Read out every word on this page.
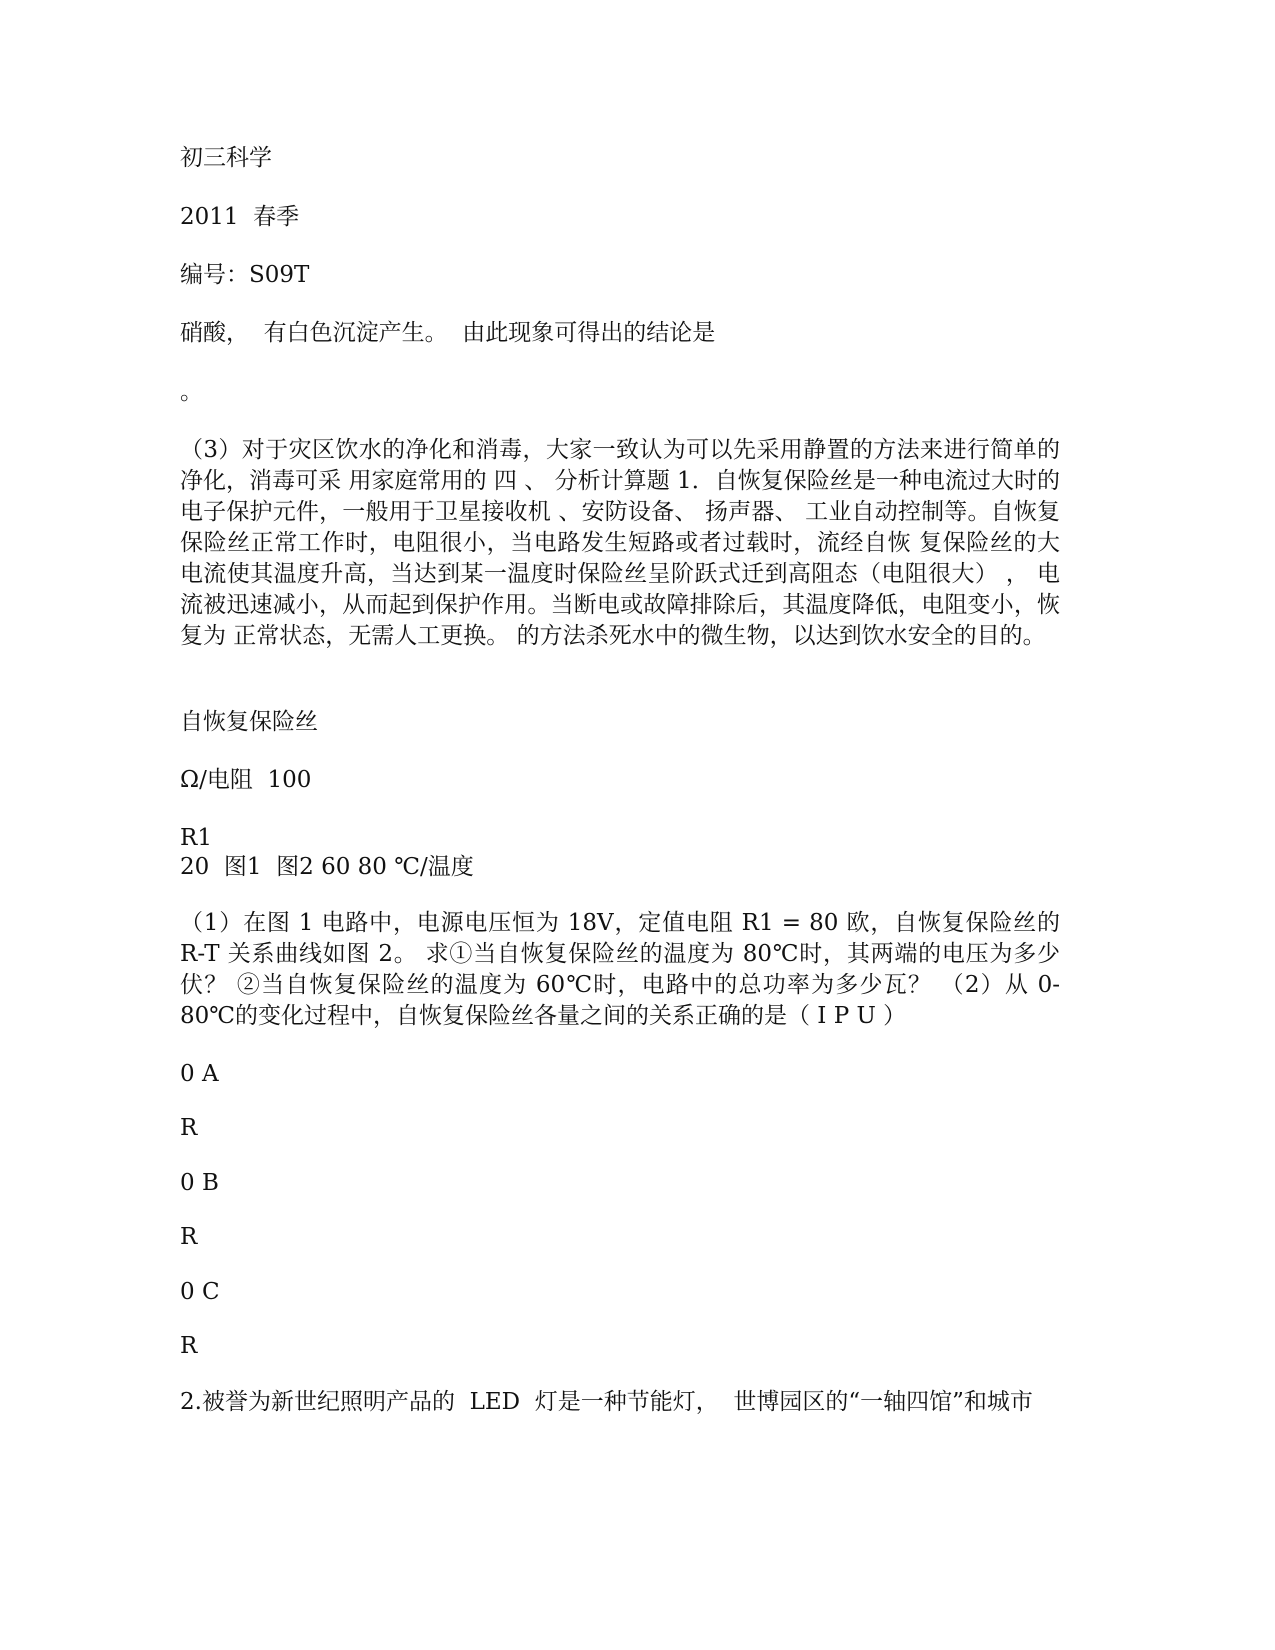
初三科学

2011  春季

编号：S09T

硝酸，  有白色沉淀产生。  由此现象可得出的结论是

。

（3）对于灾区饮水的净化和消毒，大家一致认为可以先采用静置的方法来进行简单的净化，消毒可采 用家庭常用的 四 、 分析计算题 1．自恢复保险丝是一种电流过大时的电子保护元件，一般用于卫星接收机 、安防设备、 扬声器、 工业自动控制等。自恢复保险丝正常工作时，电阻很小，当电路发生短路或者过载时，流经自恢 复保险丝的大电流使其温度升高，当达到某一温度时保险丝呈阶跃式迁到高阻态（电阻很大） ， 电流被迅速减小，从而起到保护作用。当断电或故障排除后，其温度降低，电阻变小，恢复为 正常状态，无需人工更换。 的方法杀死水中的微生物，以达到饮水安全的目的。

自恢复保险丝

Ω/电阻  100

R1

20  图1  图2 60 80 ℃/温度

（1）在图 1 电路中，电源电压恒为 18V，定值电阻 R1 = 80 欧，自恢复保险丝的 R-T 关系曲线如图 2。 求①当自恢复保险丝的温度为 80℃时，其两端的电压为多少伏？ ②当自恢复保险丝的温度为 60℃时，电路中的总功率为多少瓦？ （2）从 0-80℃的变化过程中，自恢复保险丝各量之间的关系正确的是（ I P U ）

0 A

R

0 B

R

0 C

R

2.被誉为新世纪照明产品的  LED  灯是一种节能灯，  世博园区的“一轴四馆”和城市
